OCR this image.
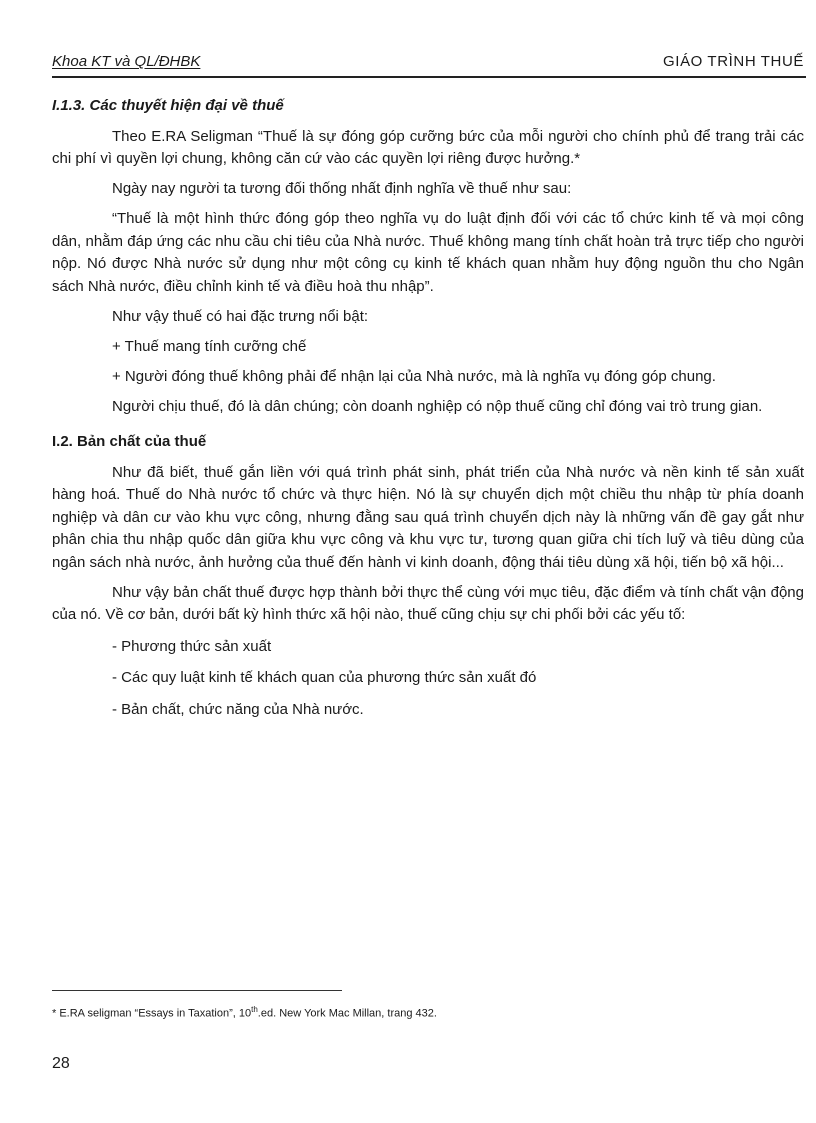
Khoa KT và QL/ĐHBK	GIÁO TRÌNH THUẾ
I.1.3. Các thuyết hiện đại về thuế

Theo E.RA Seligman “Thuế là sự đóng góp cưỡng bức của mỗi người cho chính phủ để trang trải các chi phí vì quyền lợi chung, không căn cứ vào các quyền lợi riêng được hưởng.*

Ngày nay người ta tương đối thống nhất định nghĩa về thuế như sau:

“Thuế là một hình thức đóng góp theo nghĩa vụ do luật định đối với các tổ chức kinh tế và mọi công dân, nhằm đáp ứng các nhu cầu chi tiêu của Nhà nước. Thuế không mang tính chất hoàn trả trực tiếp cho người nộp. Nó được Nhà nước sử dụng như một công cụ kinh tế khách quan nhằm huy động nguồn thu cho Ngân sách Nhà nước, điều chỉnh kinh tế và điều hoà thu nhập”.

Như vậy thuế có hai đặc trưng nổi bật:

+ Thuế mang tính cưỡng chế

+ Người đóng thuế không phải để nhận lại của Nhà nước, mà là nghĩa vụ đóng góp chung.

Người chịu thuế, đó là dân chúng; còn doanh nghiệp có nộp thuế cũng chỉ đóng vai trò trung gian.

I.2. Bản chất của thuế

Như đã biết, thuế gắn liền với quá trình phát sinh, phát triển của Nhà nước và nền kinh tế sản xuất hàng hoá. Thuế do Nhà nước tổ chức và thực hiện. Nó là sự chuyển dịch một chiều thu nhập từ phía doanh nghiệp và dân cư vào khu vực công, nhưng đằng sau quá trình chuyển dịch này là những vấn đề gay gắt như phân chia thu nhập quốc dân giữa khu vực công và khu vực tư, tương quan giữa chi tích luỹ và tiêu dùng của ngân sách nhà nước, ảnh hưởng của thuế đến hành vi kinh doanh, động thái tiêu dùng xã hội, tiến bộ xã hội...

Như vậy bản chất thuế được hợp thành bởi thực thể cùng với mục tiêu, đặc điểm và tính chất vận động của nó. Về cơ bản, dưới bất kỳ hình thức xã hội nào, thuế cũng chịu sự chi phối bởi các yếu tố:

- Phương thức sản xuất
- Các quy luật kinh tế khách quan của phương thức sản xuất đó
- Bản chất, chức năng của Nhà nước.
* E.RA seligman “Essays in Taxation”, 10th.ed. New York Mac Millan, trang 432.
28
